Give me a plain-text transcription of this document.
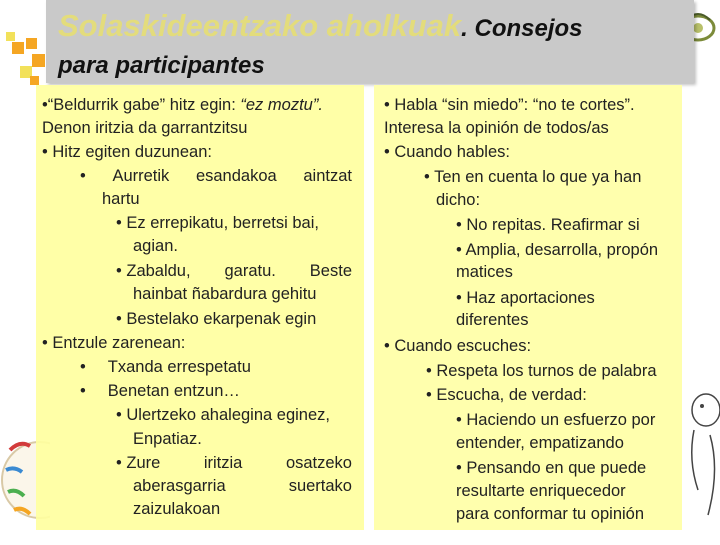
Solaskideentzako aholkuak. Consejos
para participantes
•“Beldurrik gabe” hitz egin: “ez moztu”.
Denon iritzia da garrantzitsu
• Hitz egiten duzunean:
• Aurretik esandakoa aintzat
hartu
• Ez errepikatu, berretsi bai,
agian.
• Zabaldu, garatu. Beste
hainbat ñabardura gehitu
• Bestelako ekarpenak egin
• Entzule zarenean:
• Txanda errespetatu
• Benetan entzun…
• Ulertzeko ahalegina eginez,
Enpatiaz.
• Zure	iritzia	osatzeko
aberasgarria	suertako
zaizulakoan
• Habla “sin miedo”: “no te cortes”.
Interesa la opinión de todos/as
• Cuando hables:
• Ten en cuenta lo que ya han
dicho:
• No repitas. Reafirmar si
• Amplia, desarrolla, propón
matices
• Haz aportaciones
diferentes
• Cuando escuches:
• Respeta los turnos de palabra
• Escucha, de verdad:
• Haciendo un esfuerzo por
entender, empatizando
• Pensando en que puede
resultarte enriquecedor
para conformar tu opinión
